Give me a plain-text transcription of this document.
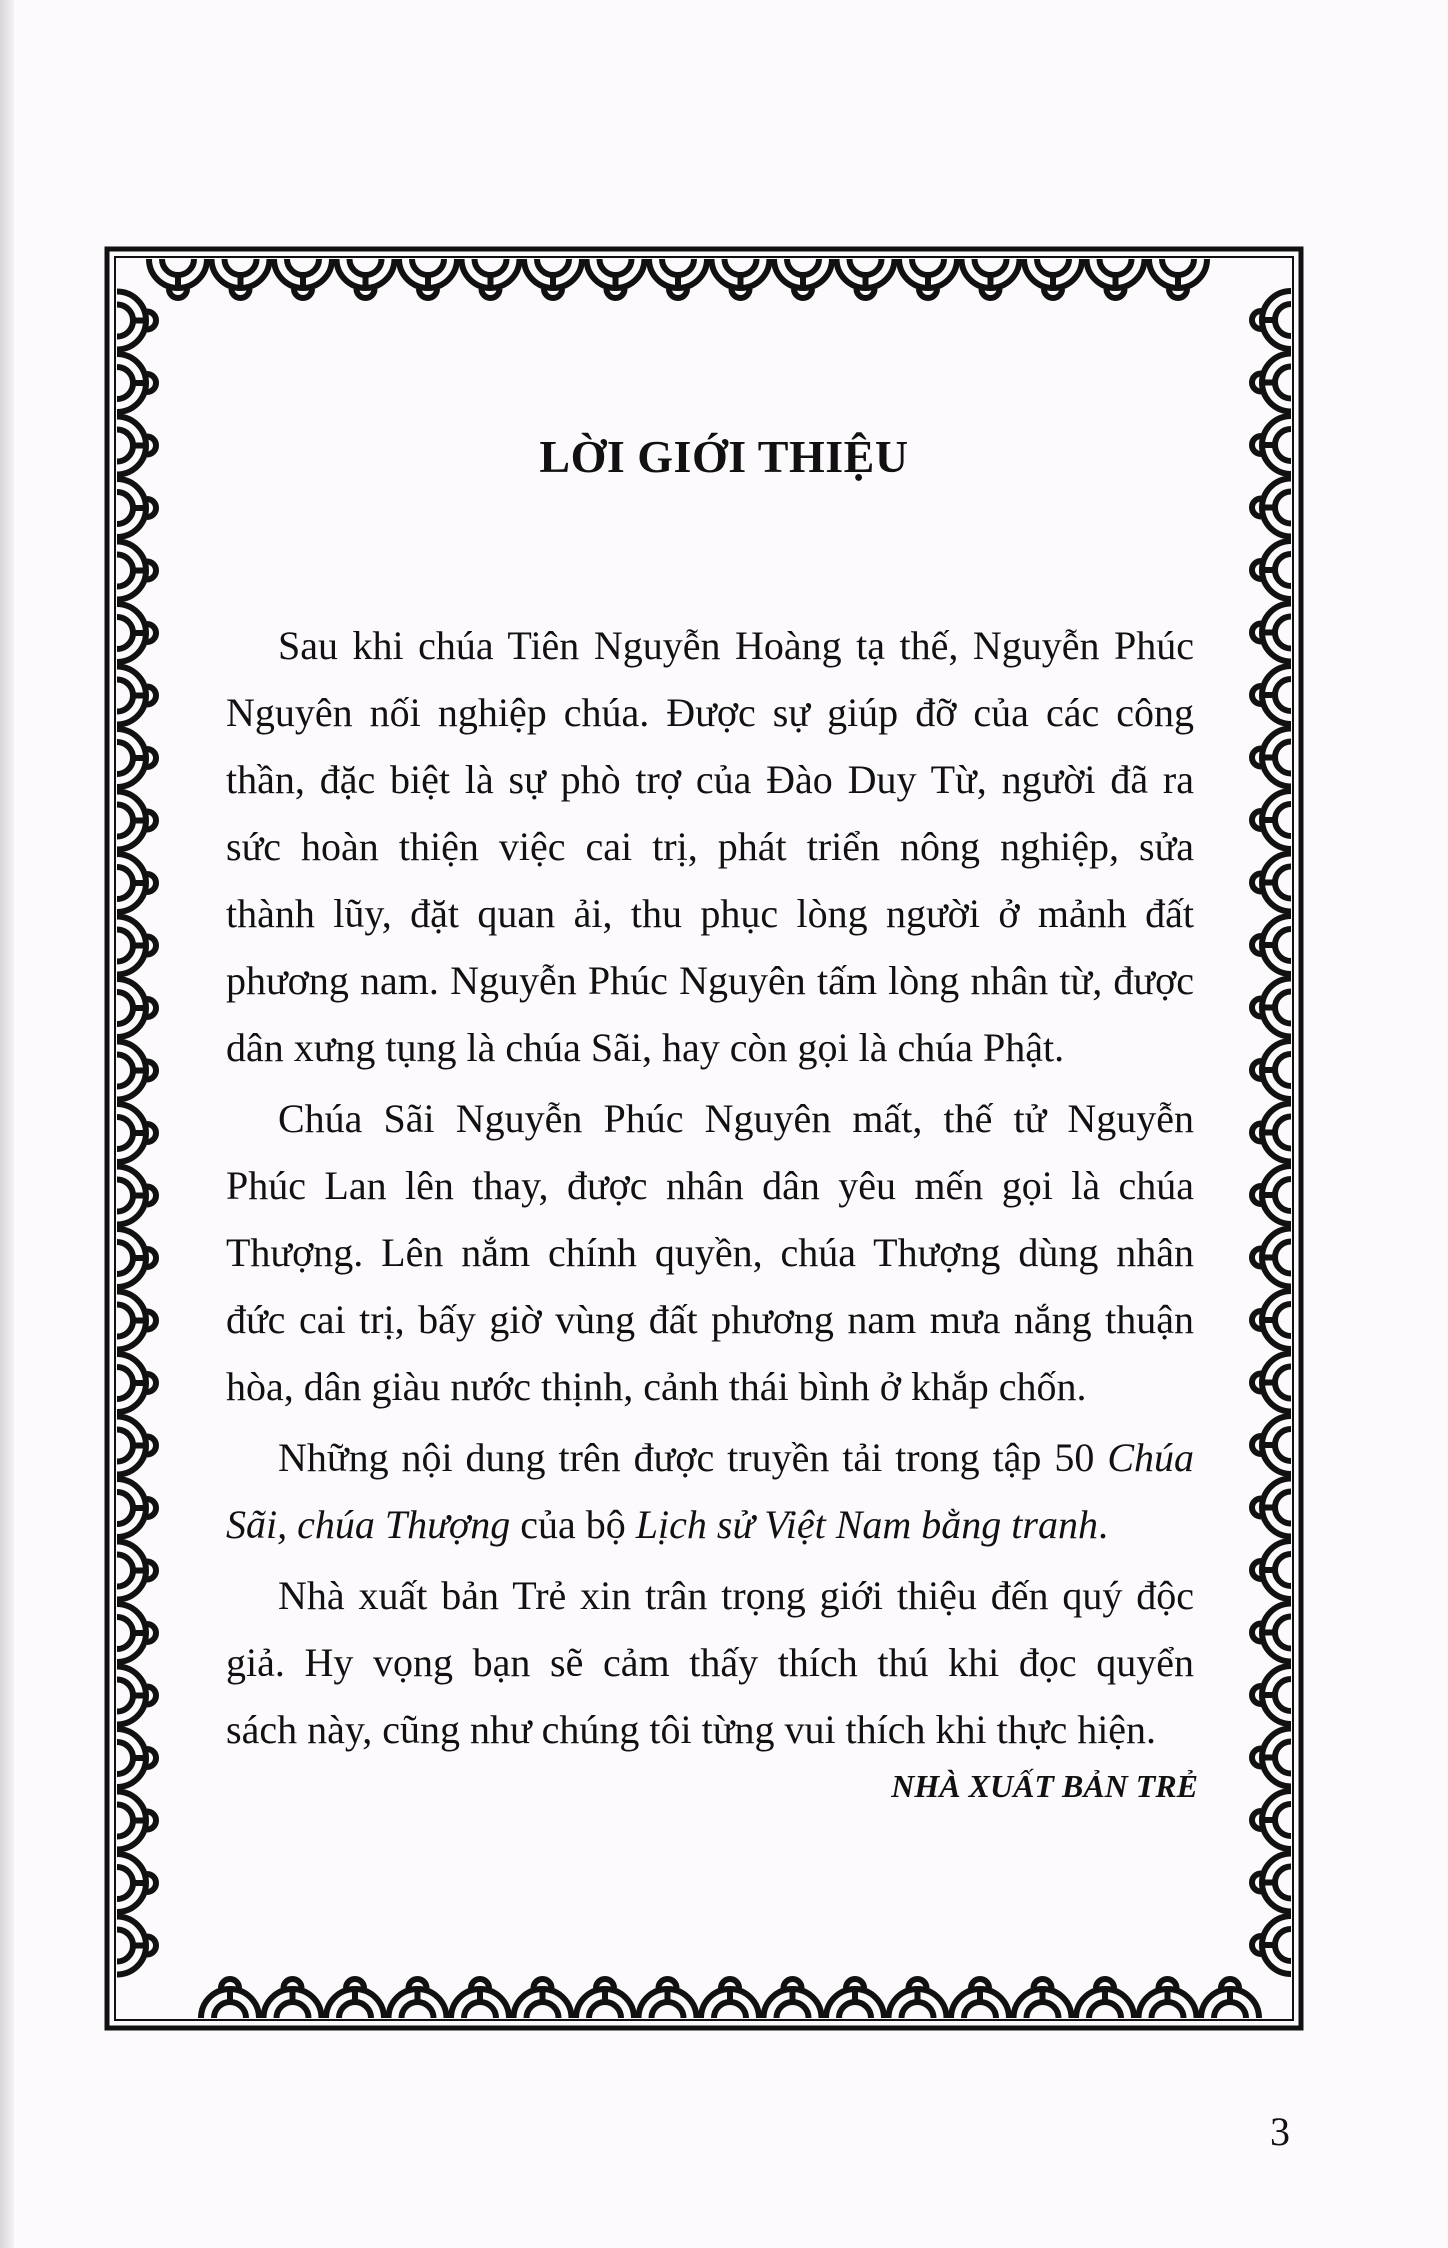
LỜI GIỚI THIỆU
Sau khi chúa Tiên Nguyễn Hoàng tạ thế, Nguyễn Phúc
Nguyên nối nghiệp chúa. Được sự giúp đỡ của các công
thần, đặc biệt là sự phò trợ của Đào Duy Từ, người đã ra
sức hoàn thiện việc cai trị, phát triển nông nghiệp, sửa
thành lũy, đặt quan ải, thu phục lòng người ở mảnh đất
phương nam. Nguyễn Phúc Nguyên tấm lòng nhân từ, được
dân xưng tụng là chúa Sãi, hay còn gọi là chúa Phật.
Chúa Sãi Nguyễn Phúc Nguyên mất, thế tử Nguyễn
Phúc Lan lên thay, được nhân dân yêu mến gọi là chúa
Thượng. Lên nắm chính quyền, chúa Thượng dùng nhân
đức cai trị, bấy giờ vùng đất phương nam mưa nắng thuận
hòa, dân giàu nước thịnh, cảnh thái bình ở khắp chốn.
Những nội dung trên được truyền tải trong tập 50 Chúa
Sãi, chúa Thượng của bộ Lịch sử Việt Nam bằng tranh.
Nhà xuất bản Trẻ xin trân trọng giới thiệu đến quý độc
giả. Hy vọng bạn sẽ cảm thấy thích thú khi đọc quyển
sách này, cũng như chúng tôi từng vui thích khi thực hiện.
NHÀ XUẤT BẢN TRẺ
3
